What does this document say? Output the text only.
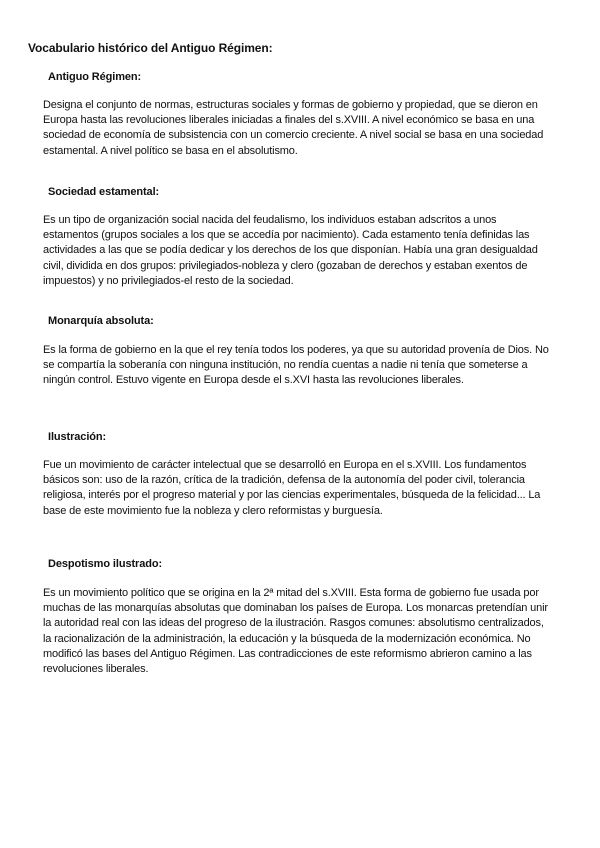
Vocabulario histórico del Antiguo Régimen:
Antiguo Régimen:

Designa el conjunto de normas, estructuras sociales y formas de gobierno y propiedad, que se dieron en Europa hasta las revoluciones liberales iniciadas a finales del s.XVIII. A nivel económico se basa en una sociedad de economía de subsistencia con un comercio creciente. A nivel social se basa en una sociedad estamental. A nivel político se basa en el absolutismo.

Sociedad estamental:

Es un tipo de organización social nacida del feudalismo, los individuos estaban adscritos a unos estamentos (grupos sociales a los que se accedía por nacimiento). Cada estamento tenía definidas las actividades a las que se podía dedicar y los derechos de los que disponían. Había una gran desigualdad civil, dividida en dos grupos: privilegiados-nobleza y clero (gozaban de derechos y estaban exentos de impuestos) y no privilegiados-el resto de la sociedad.

Monarquía absoluta:

Es la forma de gobierno en la que el rey tenía todos los poderes, ya que su autoridad provenía de Dios. No se compartía la soberanía con ninguna institución, no rendía cuentas a nadie ni tenía que someterse a ningún control. Estuvo vigente en Europa desde el s.XVI hasta las revoluciones liberales.

Ilustración:

Fue un movimiento de carácter intelectual que se desarrolló en Europa en el s.XVIII. Los fundamentos básicos son: uso de la razón, crítica de la tradición, defensa de la autonomía del poder civil, tolerancia religiosa, interés por el progreso material y por las ciencias experimentales, búsqueda de la felicidad... La base de este movimiento fue la nobleza y clero reformistas y burguesía.

Despotismo ilustrado:

Es un movimiento político que se origina en la 2ª mitad del s.XVIII. Esta forma de gobierno fue usada por muchas de las monarquías absolutas que dominaban los países de Europa. Los monarcas pretendían unir la autoridad real con las ideas del progreso de la ilustración. Rasgos comunes: absolutismo centralizados, la racionalización de la administración, la educación y la búsqueda de la modernización económica. No modificó las bases del Antiguo Régimen. Las contradicciones de este reformismo abrieron camino a las revoluciones liberales.
